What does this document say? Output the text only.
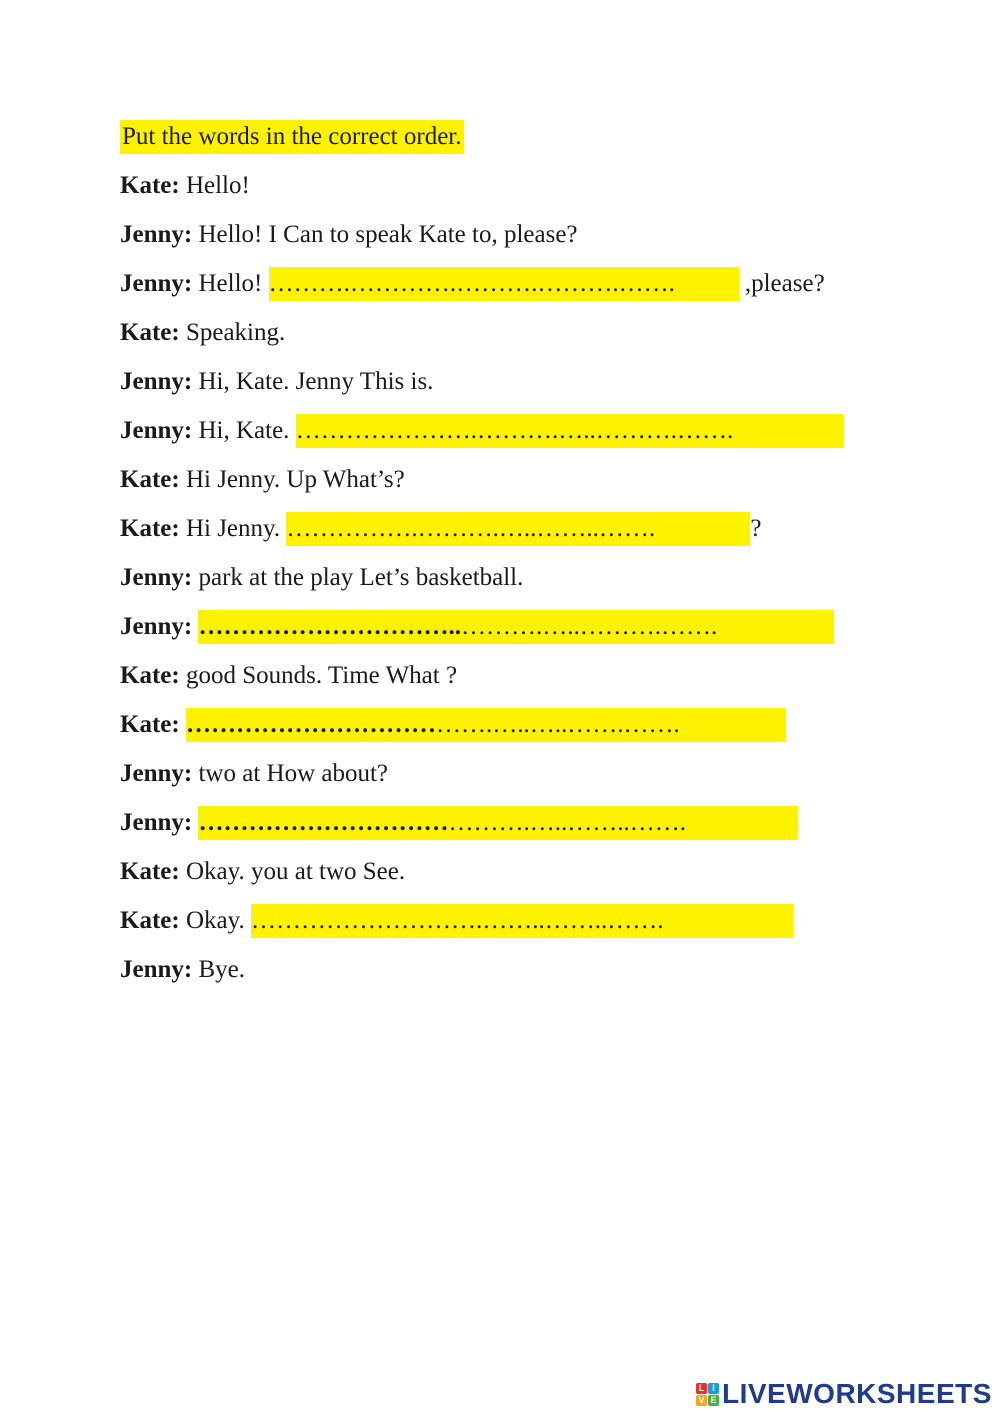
Put the words in the correct order.
Kate: Hello!
Jenny: Hello! I Can to speak Kate to, please?
Jenny: Hello! ……….………….……….……….…….	,please?
Kate: Speaking.
Jenny: Hi, Kate. Jenny This is.
Jenny: Hi, Kate. ………………….……….…..……….…….
Kate: Hi Jenny. Up What’s?
Kate: Hi Jenny. …………….……….…..……..…….	?
Jenny: park at the play Let’s basketball.
Jenny: …………………………..……….…..……….…….
Kate: good Sounds. Time What ?
Kate: ……………………………….…..…..…….…….
Jenny: two at How about?
Jenny: ………………………………….…..……..…….
Kate: Okay. you at two See.
Kate: Okay. ……………………….……..……..…….
Jenny: Bye.
L I
V E LIVEWORKSHEETS
